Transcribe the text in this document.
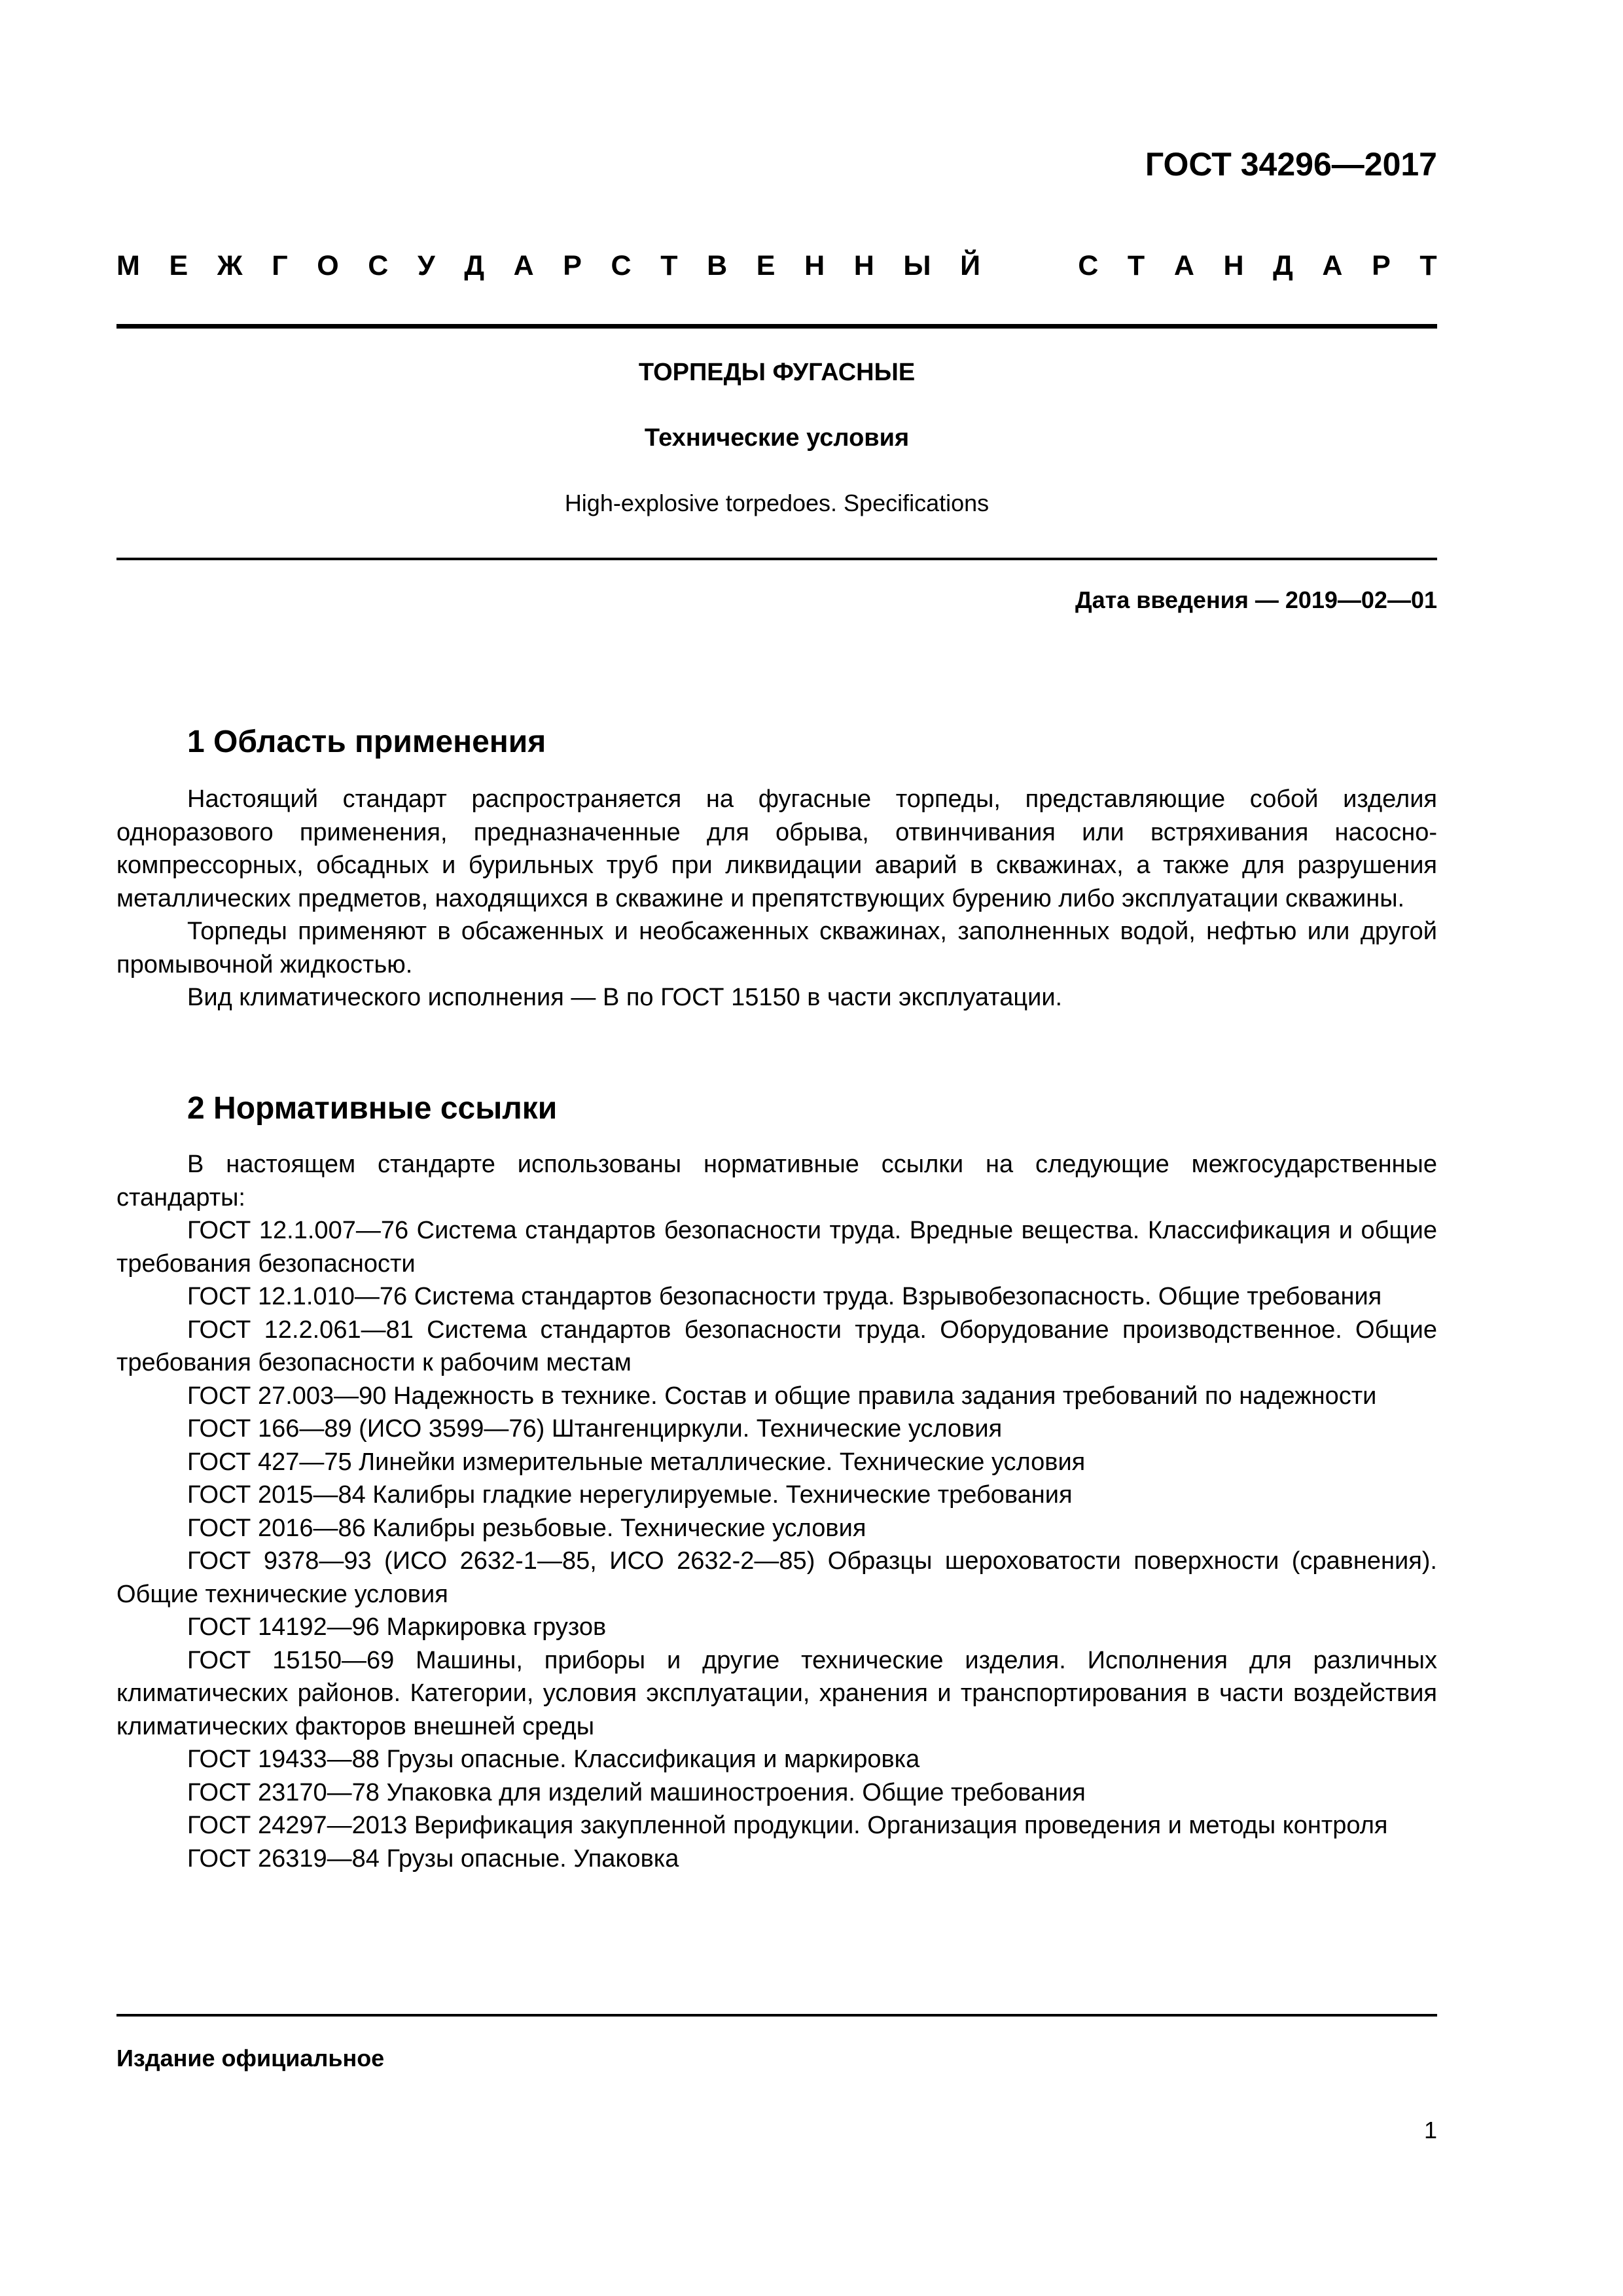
ГОСТ 34296—2017
М Е Ж Г О С У Д А Р С Т В Е Н Н Ы Й	С Т А Н Д А Р Т
ТОРПЕДЫ ФУГАСНЫЕ
Технические условия
High-explosive torpedoes. Specifications
Дата введения — 2019—02—01
1 Область применения

Настоящий стандарт распространяется на фугасные торпеды, представляющие собой изделия одноразового применения, предназначенные для обрыва, отвинчивания или встряхивания насосно-компрессорных, обсадных и бурильных труб при ликвидации аварий в скважинах, а также для разрушения металлических предметов, находящихся в скважине и препятствующих бурению либо эксплуатации скважины.

Торпеды применяют в обсаженных и необсаженных скважинах, заполненных водой, нефтью или другой промывочной жидкостью.

Вид климатического исполнения — В по ГОСТ 15150 в части эксплуатации.

2 Нормативные ссылки

В настоящем стандарте использованы нормативные ссылки на следующие межгосударственные стандарты:

ГОСТ 12.1.007—76 Система стандартов безопасности труда. Вредные вещества. Классификация и общие требования безопасности

ГОСТ 12.1.010—76 Система стандартов безопасности труда. Взрывобезопасность. Общие требования

ГОСТ 12.2.061—81 Система стандартов безопасности труда. Оборудование производственное. Общие требования безопасности к рабочим местам

ГОСТ 27.003—90 Надежность в технике. Состав и общие правила задания требований по надежности

ГОСТ 166—89 (ИСО 3599—76) Штангенциркули. Технические условия

ГОСТ 427—75 Линейки измерительные металлические. Технические условия

ГОСТ 2015—84 Калибры гладкие нерегулируемые. Технические требования

ГОСТ 2016—86 Калибры резьбовые. Технические условия

ГОСТ 9378—93 (ИСО 2632-1—85, ИСО 2632-2—85) Образцы шероховатости поверхности (сравнения). Общие технические условия

ГОСТ 14192—96 Маркировка грузов

ГОСТ 15150—69 Машины, приборы и другие технические изделия. Исполнения для различных климатических районов. Категории, условия эксплуатации, хранения и транспортирования в части воздействия климатических факторов внешней среды

ГОСТ 19433—88 Грузы опасные. Классификация и маркировка

ГОСТ 23170—78 Упаковка для изделий машиностроения. Общие требования

ГОСТ 24297—2013 Верификация закупленной продукции. Организация проведения и методы контроля

ГОСТ 26319—84 Грузы опасные. Упаковка

Издание официальное
1
